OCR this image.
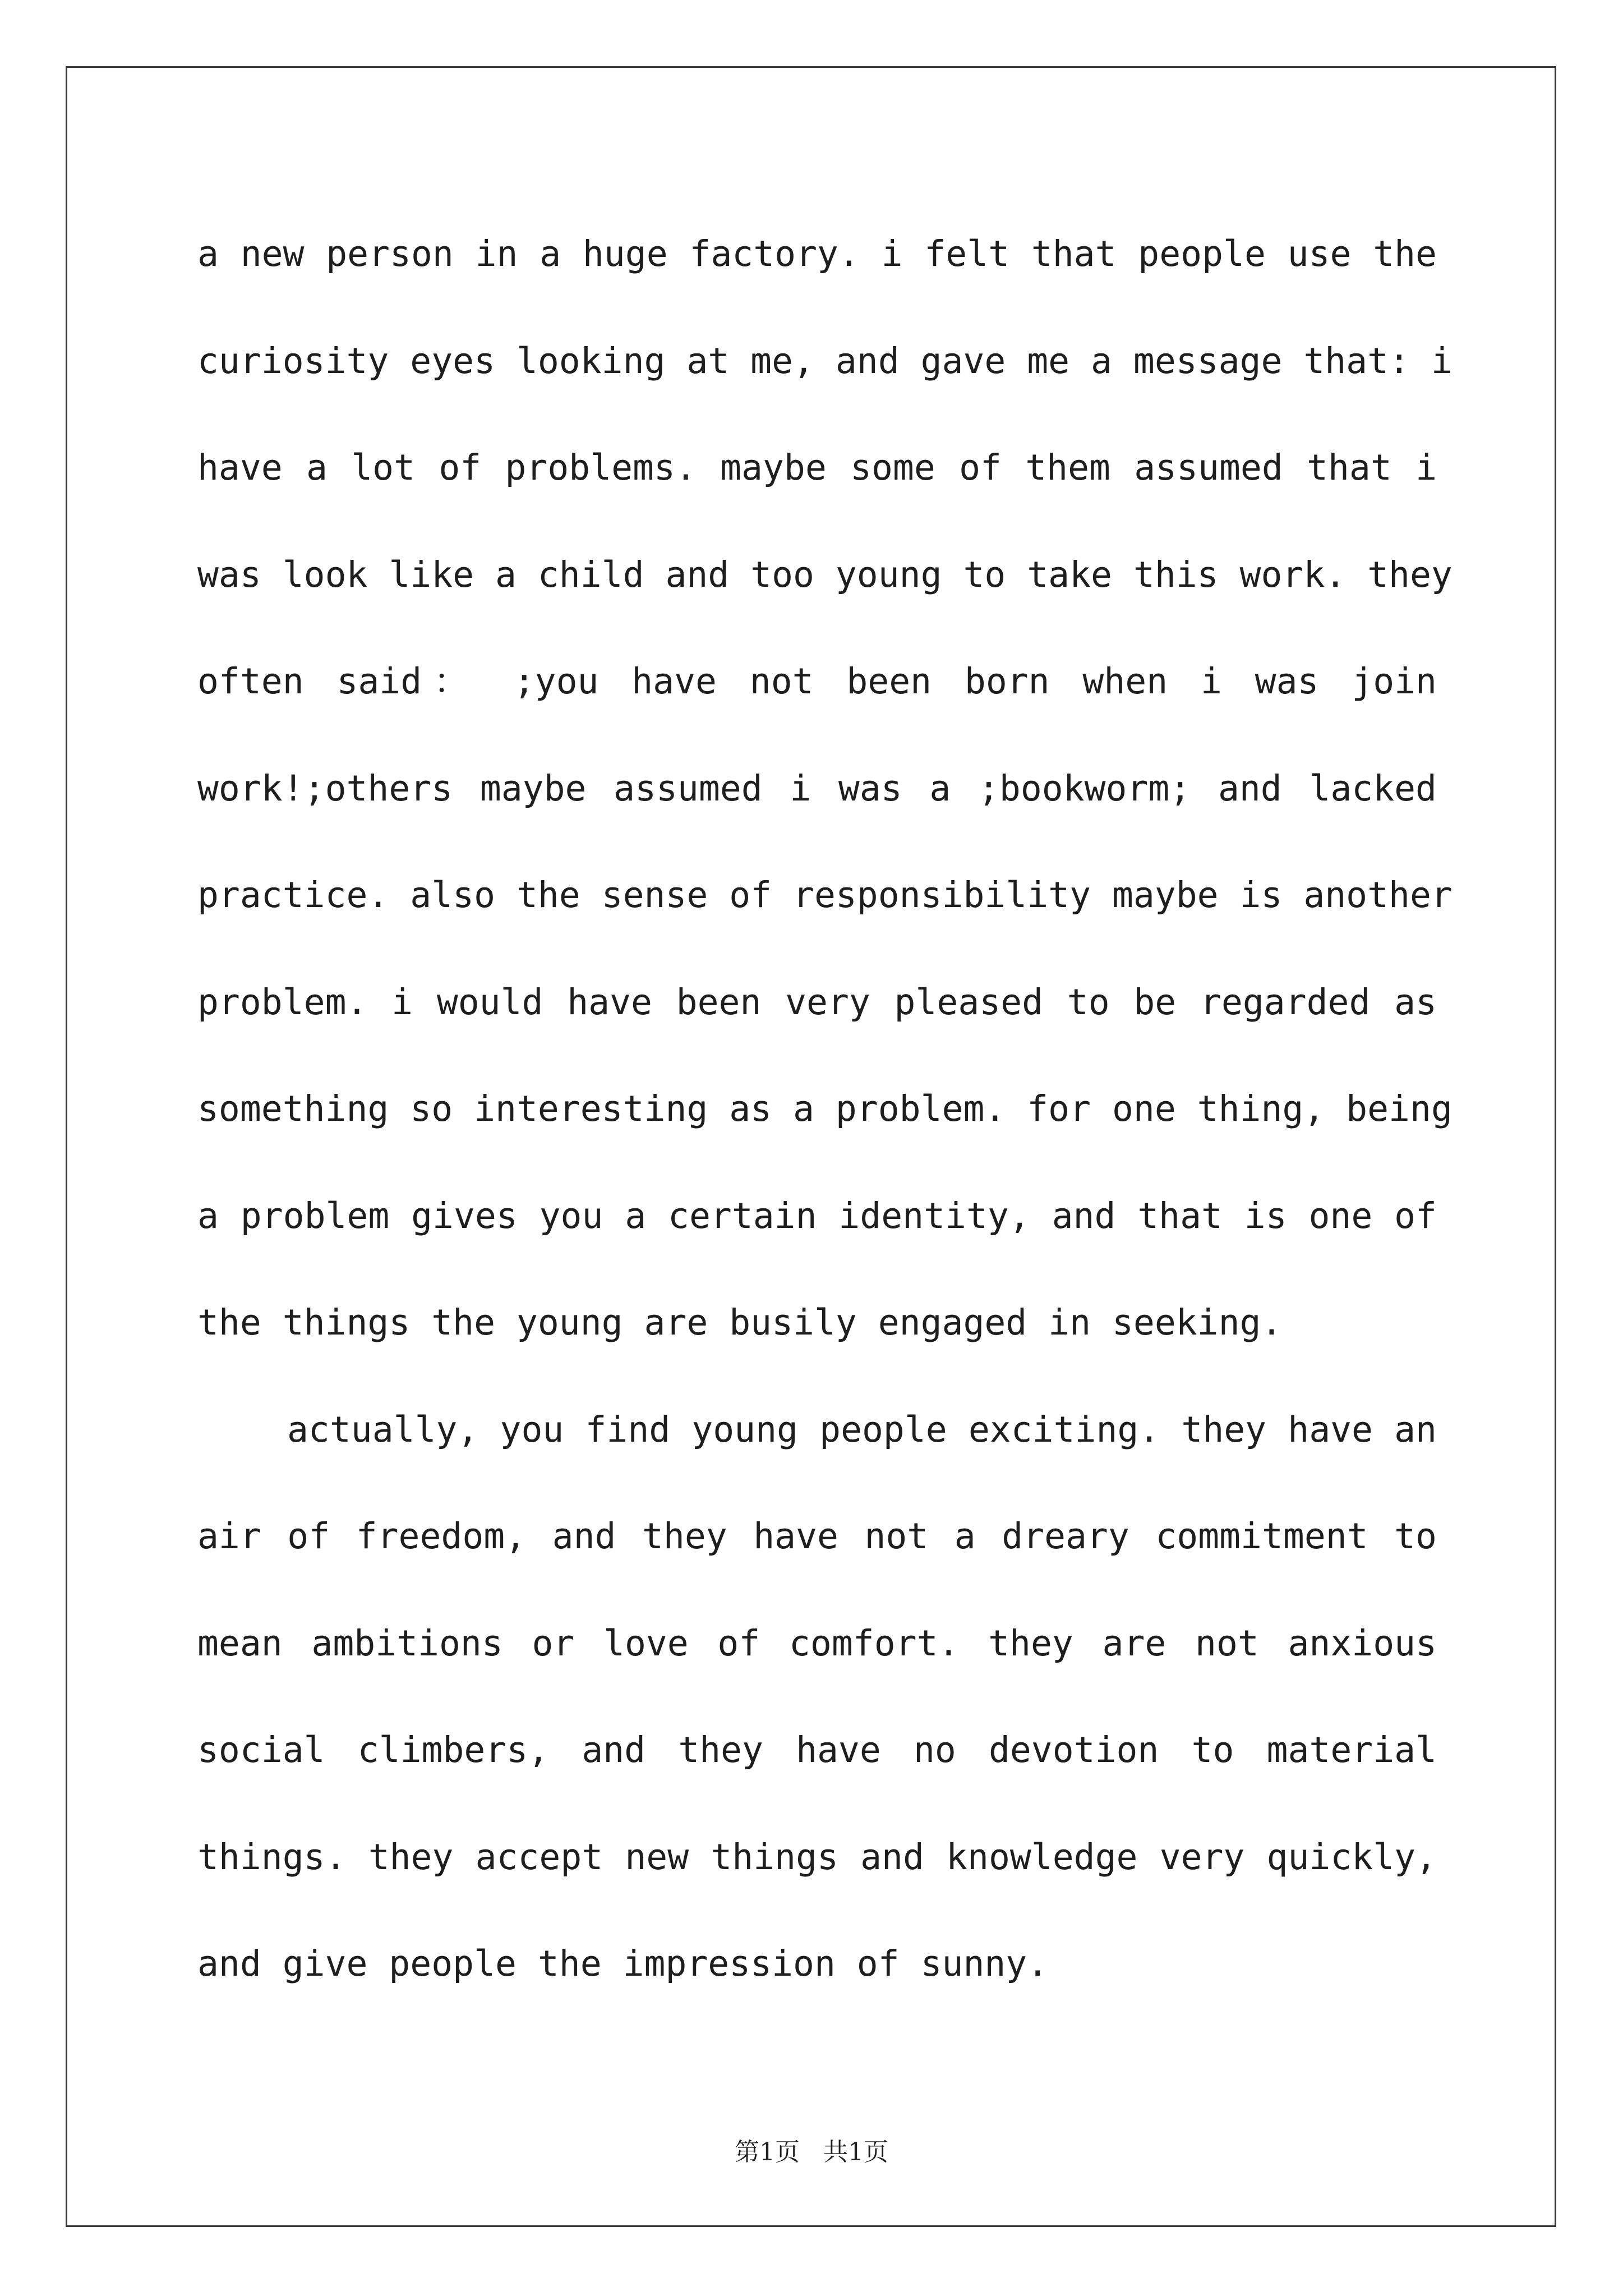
a new person in a huge factory. i felt that people use the
curiosity eyes looking at me, and gave me a message that: i
have a lot of problems. maybe some of them assumed that i
was look like a child and too young to take this work. they
often said： ;you have not been born when i was join
work!;others maybe assumed i was a ;bookworm; and lacked
practice. also the sense of responsibility maybe is another
problem. i would have been very pleased to be regarded as
something so interesting as a problem. for one thing, being
a problem gives you a certain identity, and that is one of
the things the young are busily engaged in seeking.
actually, you find young people exciting. they have an
air of freedom, and they have not a dreary commitment to
mean ambitions or love of comfort. they are not anxious
social climbers, and they have no devotion to material
things. they accept new things and knowledge very quickly,
and give people the impression of sunny.
第1页   共1页
